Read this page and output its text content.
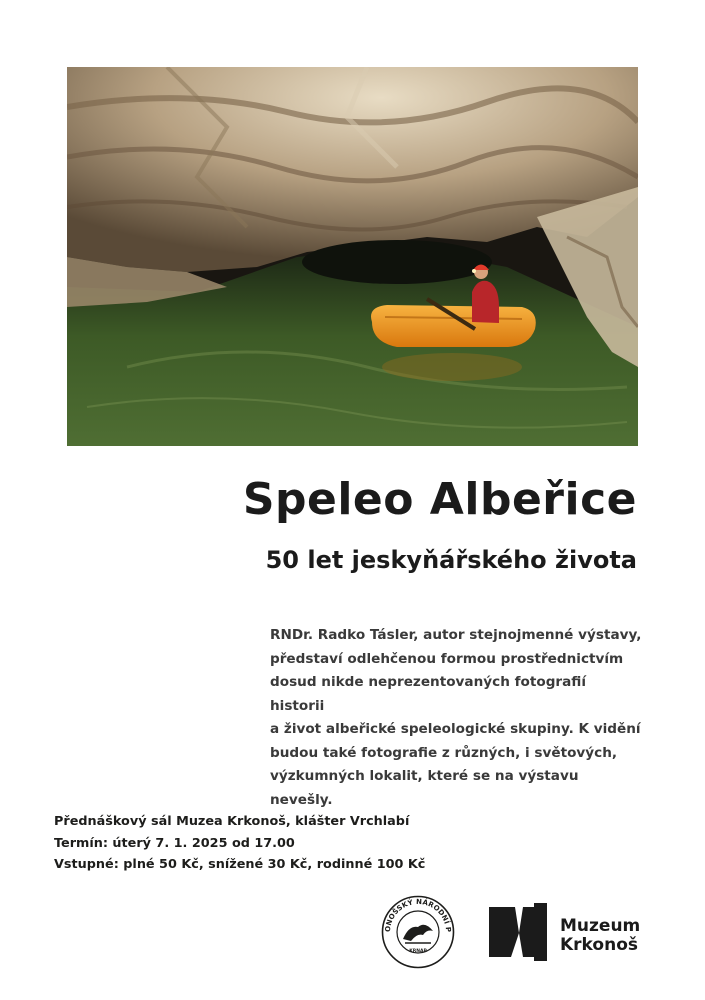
Speleo Albeřice
50 let jeskyňářského života
RNDr. Radko Tásler, autor stejnojmenné výstavy,
představí odlehčenou formou prostřednictvím
dosud nikde neprezentovaných fotografií historii
a život albeřické speleologické skupiny. K vidění
budou také fotografie z různých, i světových,
výzkumných lokalit, které se na výstavu nevešly.
Přednáškový sál Muzea Krkonoš, klášter Vrchlabí
Termín: úterý 7. 1. 2025 od 17.00
Vstupné: plné 50 Kč, snížené 30 Kč, rodinné 100 Kč
ONOŠSKÝ NÁRODNÍ P
KRNAP
Muzeum
Krkonoš
